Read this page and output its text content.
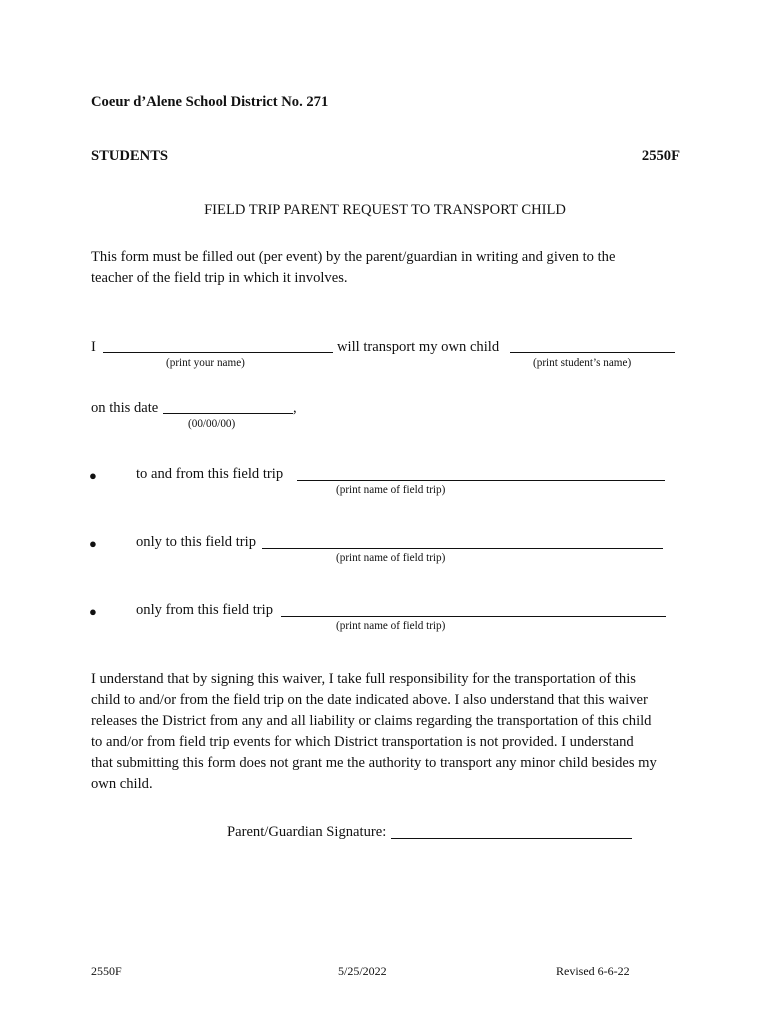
Coeur d’Alene School District No. 271
STUDENTS	2550F
FIELD TRIP PARENT REQUEST TO TRANSPORT CHILD
This form must be filled out (per event) by the parent/guardian in writing and given to the
teacher of the field trip in which it involves.
I	will transport my own child
(print your name)	(print student’s name)
on this date	,
(00/00/00)
●	to and from this field trip
(print name of field trip)
●	only to this field trip
(print name of field trip)
●	only from this field trip
(print name of field trip)
I understand that by signing this waiver, I take full responsibility for the transportation of this
child to and/or from the field trip on the date indicated above. I also understand that this waiver
releases the District from any and all liability or claims regarding the transportation of this child
to and/or from field trip events for which District transportation is not provided. I understand
that submitting this form does not grant me the authority to transport any minor child besides my
own child.
Parent/Guardian Signature:
2550F	5/25/2022	Revised 6-6-22
